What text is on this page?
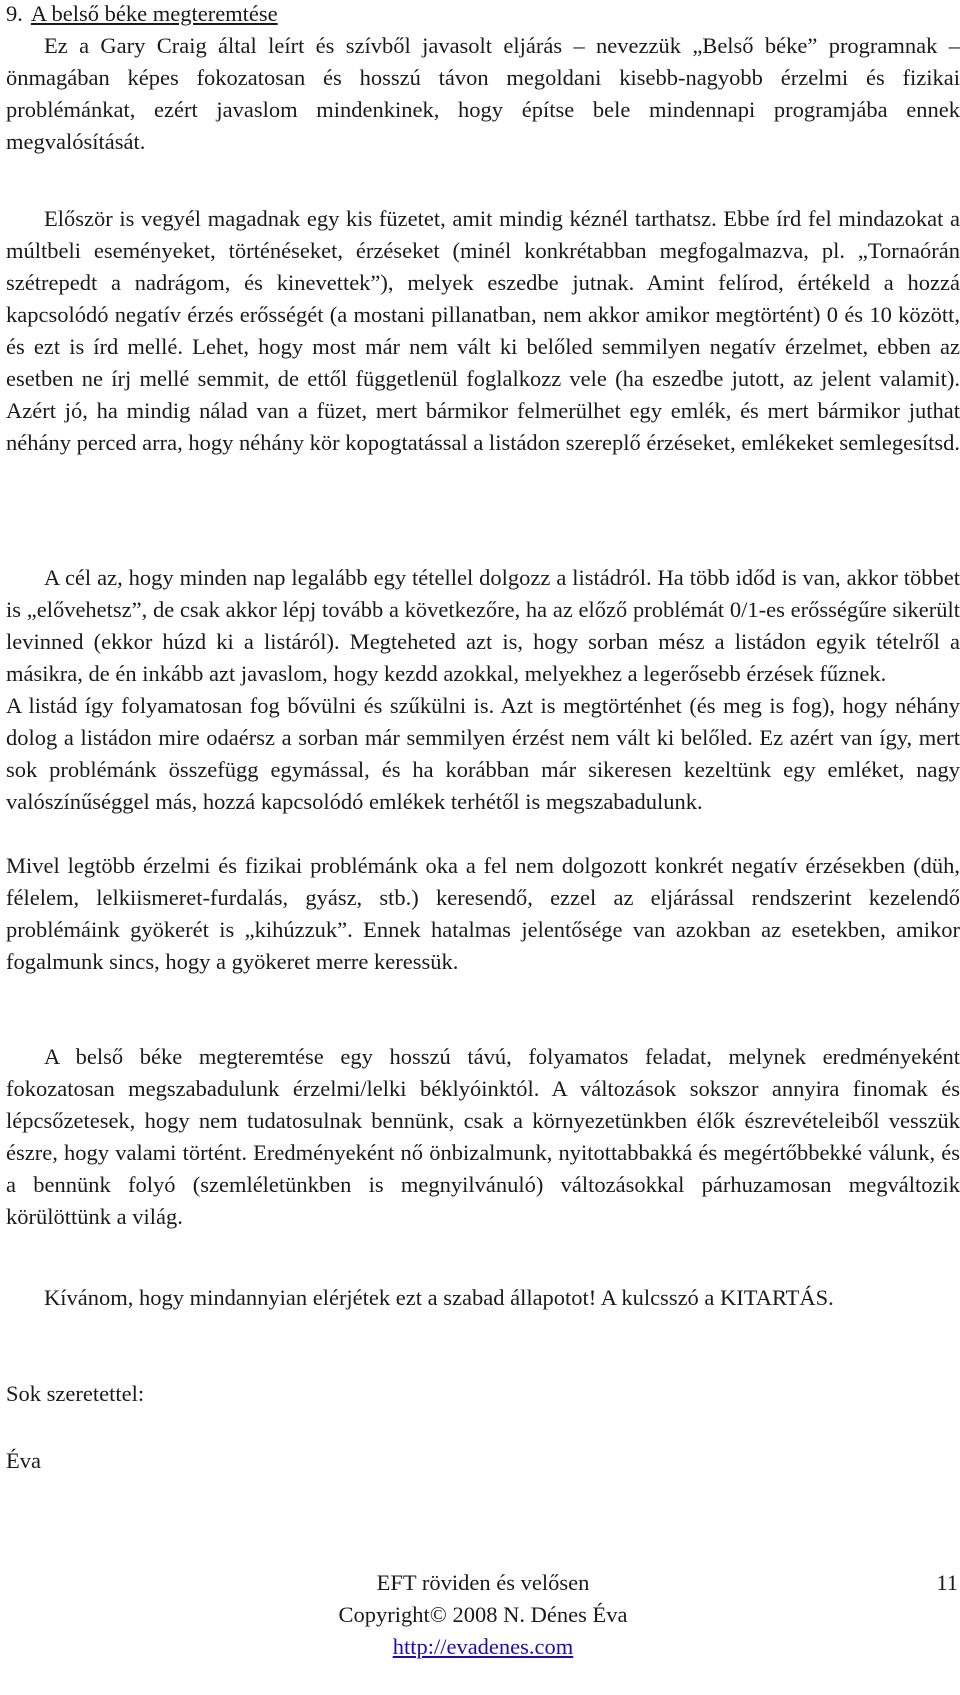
9. A belső béke megteremtése

Ez a Gary Craig által leírt és szívből javasolt eljárás – nevezzük „Belső béke” programnak – önmagában képes fokozatosan és hosszú távon megoldani kisebb-nagyobb érzelmi és fizikai problémánkat, ezért javaslom mindenkinek, hogy építse bele mindennapi programjába ennek megvalósítását.

Először is vegyél magadnak egy kis füzetet, amit mindig kéznél tarthatsz. Ebbe írd fel mindazokat a múltbeli eseményeket, történéseket, érzéseket (minél konkrétabban megfogalmazva, pl. „Tornaórán szétrepedt a nadrágom, és kinevettek”), melyek eszedbe jutnak. Amint felírod, értékeld a hozzá kapcsolódó negatív érzés erősségét (a mostani pillanatban, nem akkor amikor megtörtént) 0 és 10 között, és ezt is írd mellé. Lehet, hogy most már nem vált ki belőled semmilyen negatív érzelmet, ebben az esetben ne írj mellé semmit, de ettől függetlenül foglalkozz vele (ha eszedbe jutott, az jelent valamit). Azért jó, ha mindig nálad van a füzet, mert bármikor felmerülhet egy emlék, és mert bármikor juthat néhány perced arra, hogy néhány kör kopogtatással a listádon szereplő érzéseket, emlékeket semlegesítsd.

A cél az, hogy minden nap legalább egy tétellel dolgozz a listádról. Ha több időd is van, akkor többet is „elővehetsz”, de csak akkor lépj tovább a következőre, ha az előző problémát 0/1-es erősségűre sikerült levinned (ekkor húzd ki a listáról). Megteheted azt is, hogy sorban mész a listádon egyik tételről a másikra, de én inkább azt javaslom, hogy kezdd azokkal, melyekhez a legerősebb érzések fűznek.

A listád így folyamatosan fog bővülni és szűkülni is. Azt is megtörténhet (és meg is fog), hogy néhány dolog a listádon mire odaérsz a sorban már semmilyen érzést nem vált ki belőled. Ez azért van így, mert sok problémánk összefügg egymással, és ha korábban már sikeresen kezeltünk egy emléket, nagy valószínűséggel más, hozzá kapcsolódó emlékek terhétől is megszabadulunk.

Mivel legtöbb érzelmi és fizikai problémánk oka a fel nem dolgozott konkrét negatív érzésekben (düh, félelem, lelkiismeret-furdalás, gyász, stb.) keresendő, ezzel az eljárással rendszerint kezelendő problémáink gyökerét is „kihúzzuk”. Ennek hatalmas jelentősége van azokban az esetekben, amikor fogalmunk sincs, hogy a gyökeret merre keressük.

A belső béke megteremtése egy hosszú távú, folyamatos feladat, melynek eredményeként fokozatosan megszabadulunk érzelmi/lelki béklyóinktól. A változások sokszor annyira finomak és lépcsőzetesek, hogy nem tudatosulnak bennünk, csak a környezetünkben élők észrevételeiből vesszük észre, hogy valami történt. Eredményeként nő önbizalmunk, nyitottabbakká és megértőbbekké válunk, és a bennünk folyó (szemléletünkben is megnyilvánuló) változásokkal párhuzamosan megváltozik körülöttünk a világ.

Kívánom, hogy mindannyian elérjétek ezt a szabad állapotot! A kulcsszó a KITARTÁS.

Sok szeretettel:

Éva

EFT röviden és velősen	11
Copyright© 2008 N. Dénes Éva
http://evadenes.com
